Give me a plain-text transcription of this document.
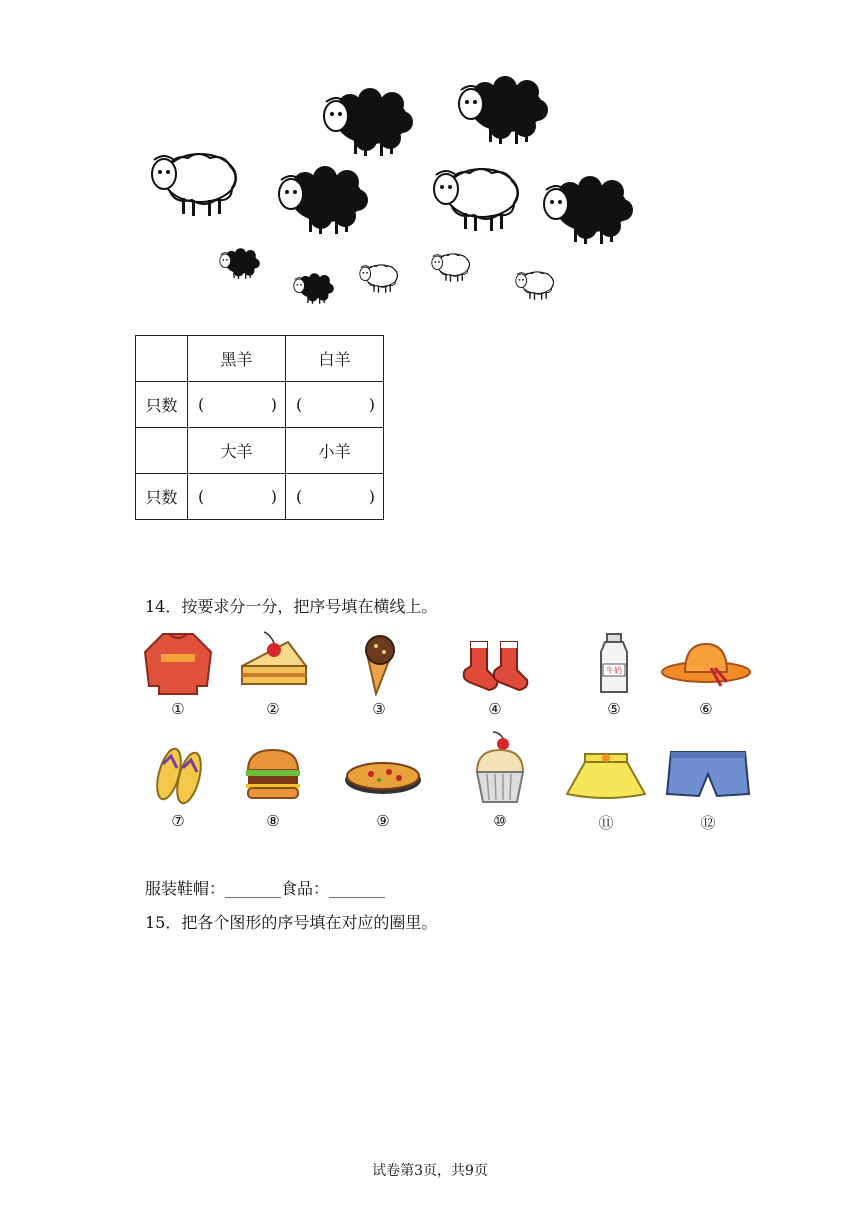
	黑羊	白羊
只数	( )	( )

	大羊	小羊
只数	( )	( )
14．按要求分一分，把序号填在横线上。
①	②	③	④
牛奶
⑤	⑥
⑦	⑧	⑨	⑩	⑪	⑫
服装鞋帽：_______食品：_______
15．把各个图形的序号填在对应的圈里。
试卷第3页，共9页
